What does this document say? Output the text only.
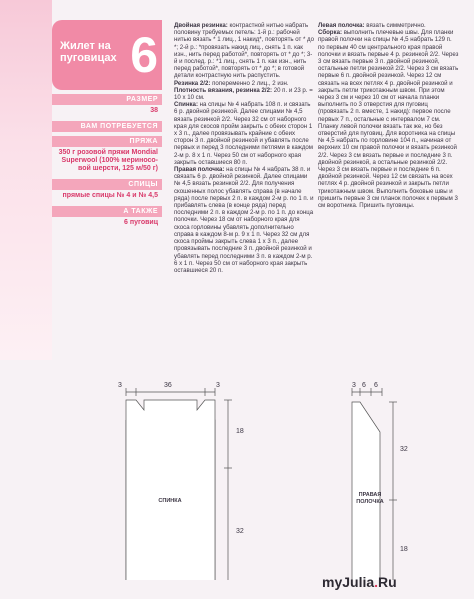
Жилет на
пуговицах 6
РАЗМЕР
38
ВАМ ПОТРЕБУЕТСЯ
ПРЯЖА
350 г розовой пряжи Mondial Superwool (100% мериносо-вой шерсти, 125 м/50 г)
СПИЦЫ
прямые спицы № 4 и № 4,5
А ТАКЖЕ
6 пуговиц

Двойная резинка: контрастной нитью набрать половину требуемых петель: 1-й р.: рабочей нитью вязать * 1 лиц., 1 накид*, повторять от * до *; 2-й р.: *провязать накид лиц., снять 1 п. как изн., нить перед работой*, повторять от * до *; 3-й и послед. р.: *1 лиц., снять 1 п. как изн., нить перед работой*, повторять от * до *; в готовой детали контрастную нить распустить.

Резинка 2/2: попеременно 2 лиц., 2 изн.

Плотность вязания, резинка 2/2: 20 п. и 23 р. = 10 х 10 см.

Спинка: на спицы № 4 набрать 108 п. и связать 6 р. двойной резинкой. Далее спицами № 4,5 вязать резинкой 2/2. Через 32 см от наборного края для скосов пройм закрыть с обеих сторон 1 х 3 п., далее провязывать крайние с обеих сторон 3 п. двойной резинкой и убавлять после первых и перед 3 последними петлями в каждом 2-м р. 8 х 1 п. Через 50 см от наборного края закрыть оставшиеся 80 п.

Правая полочка: на спицы № 4 набрать 38 п. и связать 6 р. двойной резинкой. Далее спицами № 4,5 вязать резинкой 2/2. Для получения скошенных полос убавлять справа (в начале ряда) после первых 2 п. в каждом 2-м р. по 1 п. и прибавлять слева (в конце ряда) перед последними 2 п. в каждом 2-м р. по 1 п. до конца полочки. Через 18 см от наборного края для скоса горловины убавлять дополнительно справа в каждом 8-м р. 9 х 1 п. Через 32 см для скоса проймы закрыть слева 1 х 3 п., далее провязывать последние 3 п. двойной резинкой и убавлять перед последними 3 п. в каждом 2-м р. 6 х 1 п. Через 50 см от наборного края закрыть оставшиеся 20 п.

Левая полочка: вязать симметрично.

Сборка: выполнить плечевые швы. Для планки правой полочки на спицы № 4,5 набрать 129 п. по первым 40 см центрального края правой полочки и вязать первые 4 р. резинкой 2/2. Через 3 см вязать первые 3 п. двойной резинкой, остальные петли резинкой 2/2. Через 3 см вязать первые 6 п. двойной резинкой. Через 12 см связать на всех петлях 4 р. двойной резинкой и закрыть петли трикотажным швом. При этом через 3 см и через 10 см от начала планки выполнить по 3 отверстия для пуговиц (провязать 2 п. вместе, 1 накид): первое после первых 7 п., остальные с интервалом 7 см. Планку левой полочки вязать так же, но без отверстий для пуговиц. Для воротника на спицы № 4,5 набрать по горловине 104 п., начиная от верхних 10 см правой полочки и вязать резинкой 2/2. Через 3 см вязать первые и последние 3 п. двойной резинкой, а остальные резинкой 2/2. Через 3 см вязать первые и последние 6 п. двойной резинкой. Через 12 см связать на всех петлях 4 р. двойной резинкой и закрыть петли трикотажным швом. Выполнить боковые швы и пришить первые 3 см планок полочек к первым 3 см воротника. Пришить пуговицы.

3	36	3
18
32
СПИНКА
3 6 6
32
18
ПРАВАЯ
ПОЛОЧКА
myJulia.Ru
